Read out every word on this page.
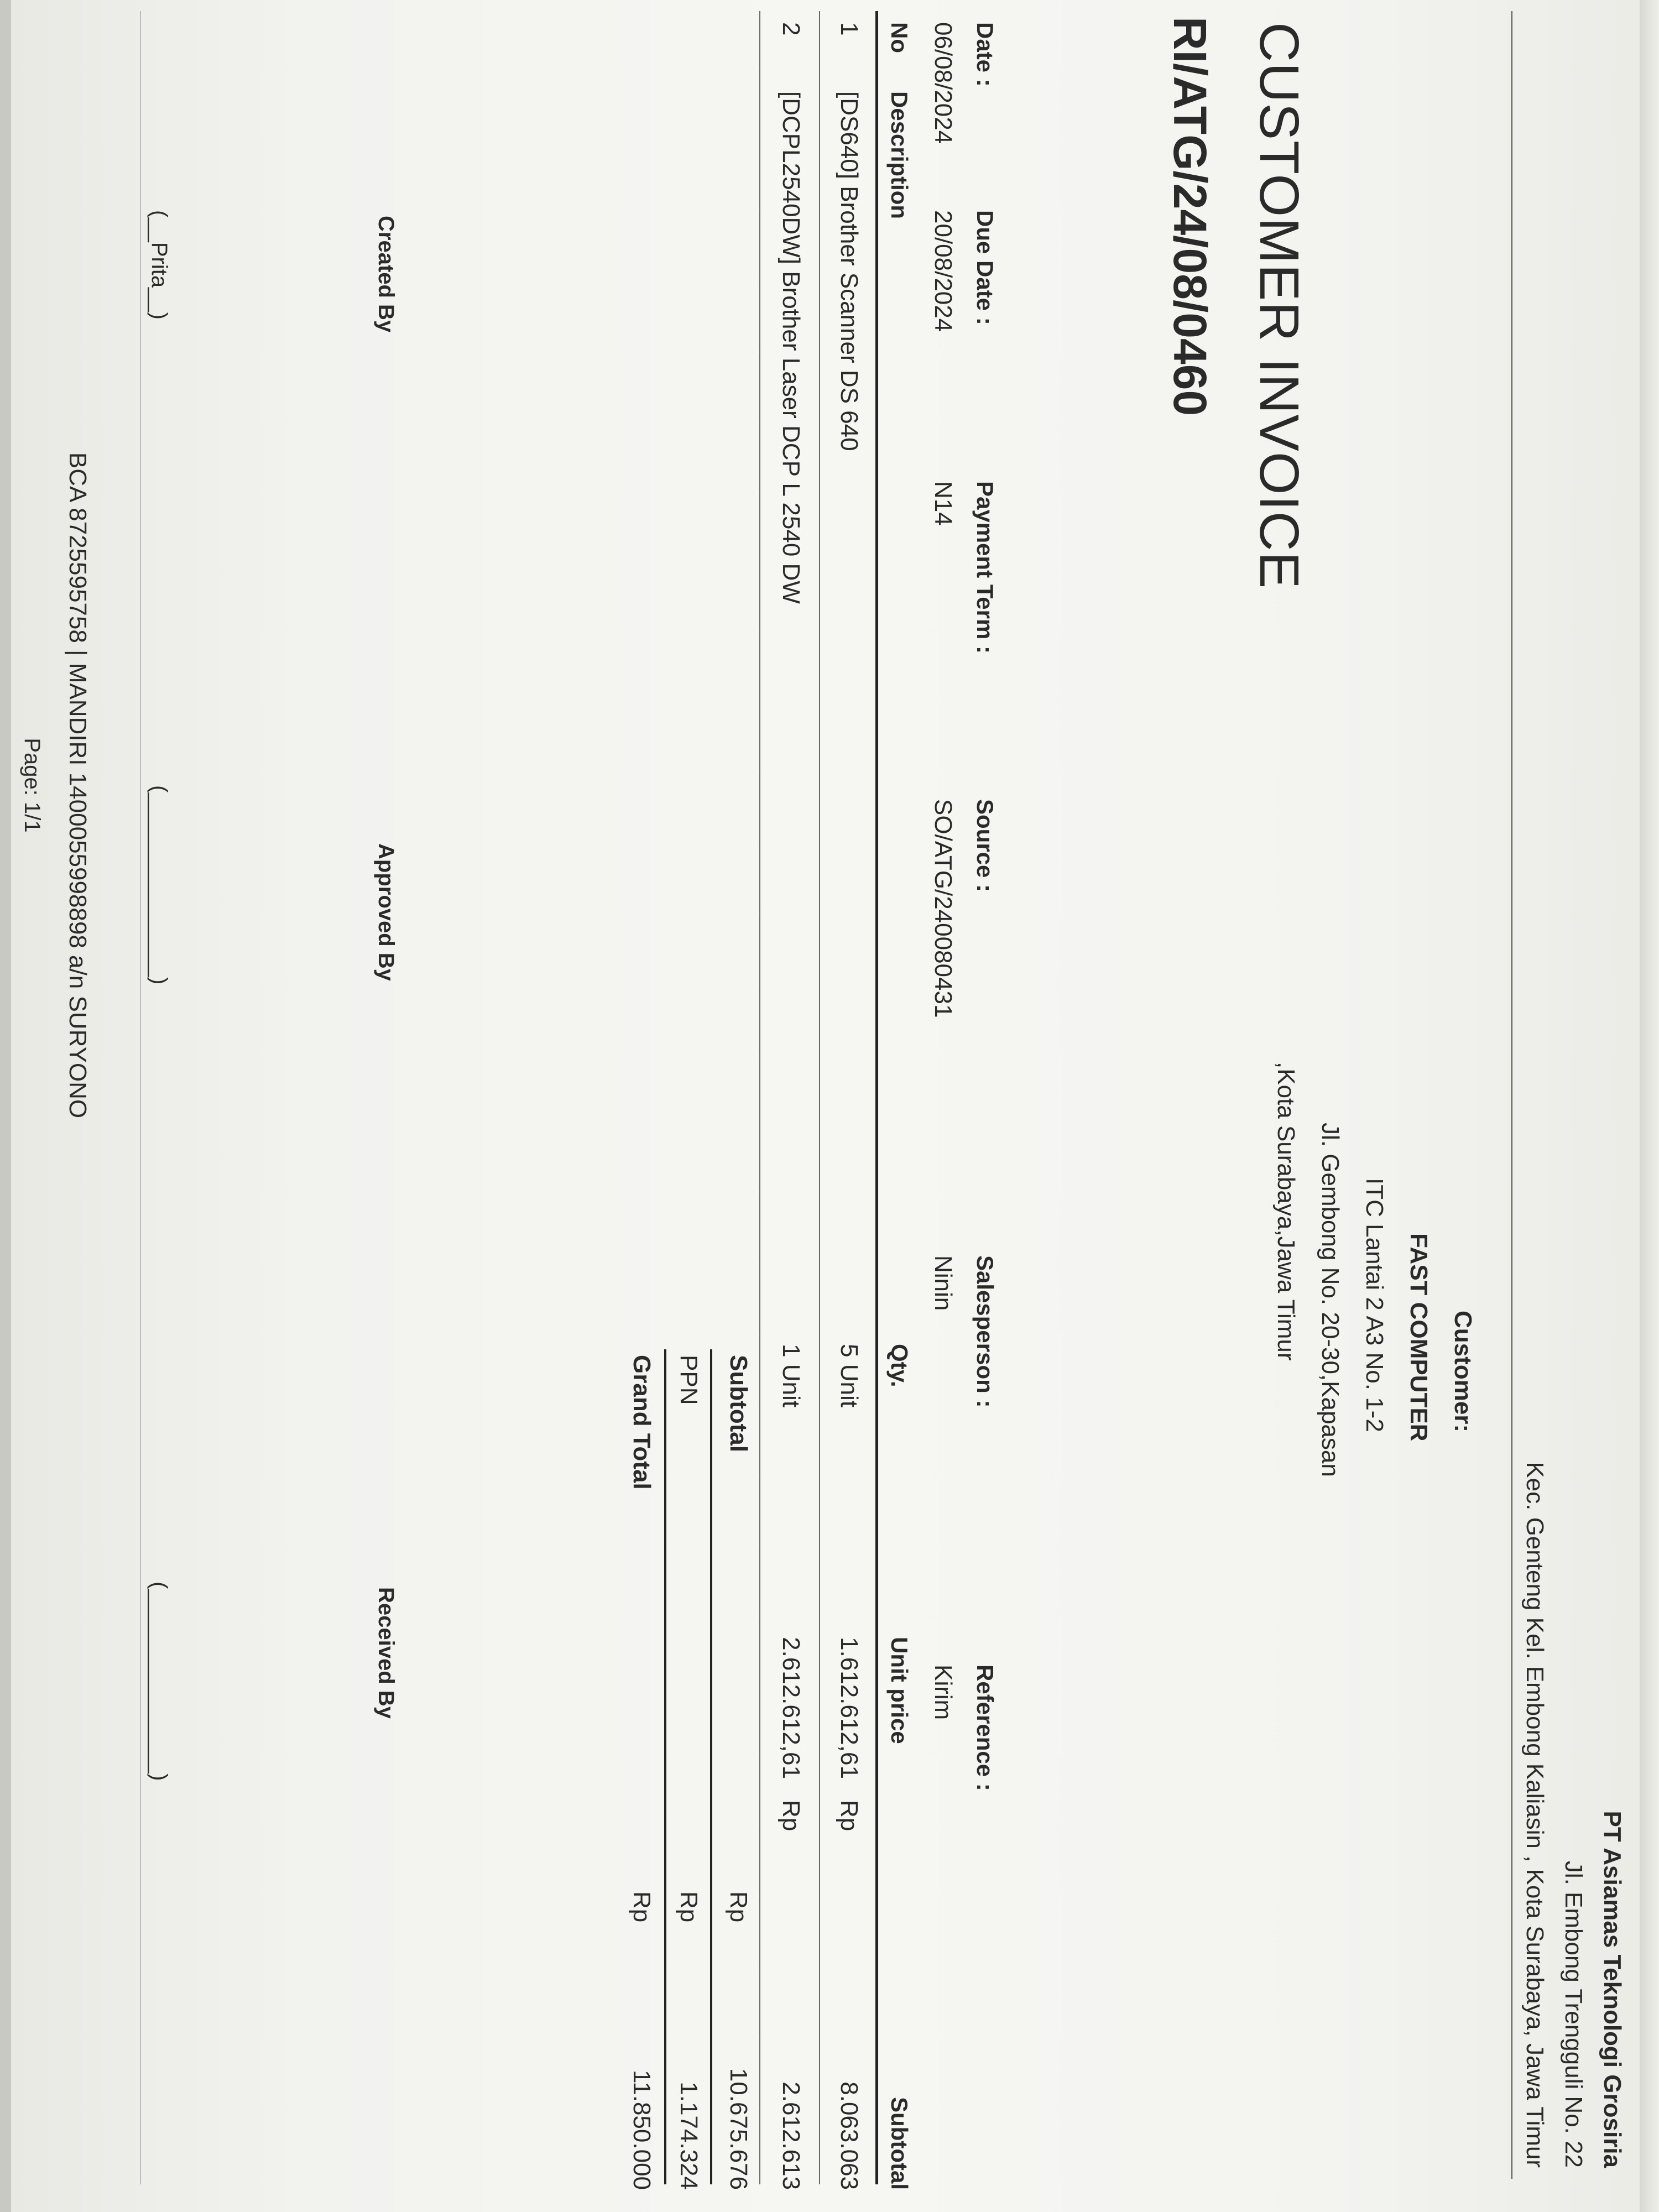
PT Asiamas Teknologi Grosiria
Jl. Embong Trengguli No. 22
Kec. Genteng Kel. Embong Kaliasin , Kota Surabaya, Jawa Timur
Customer:
FAST COMPUTER
ITC Lantai 2 A3 No. 1-2
Jl. Gembong No. 20-30,Kapasan
,Kota Surabaya,Jawa Timur
CUSTOMER INVOICE
RI/ATG/24/08/0460
Date :
Due Date :
Payment Term :
Source :
Salesperson :
Reference :
06/08/2024
20/08/2024
N14
SO/ATG/240080431
Ninin
Kirim
No
Description
Qty.
Unit price
Subtotal
1
[DS640] Brother Scanner DS 640
5 Unit
1.612.612,61
Rp
8.063.063
2
[DCPL2540DW] Brother Laser DCP L 2540 DW
1 Unit
2.612.612,61
Rp
2.612.613
Subtotal
Rp
10.675.676
PPN
Rp
1.174.324
Grand Total
Rp
11.850.000
Created By
Approved By
Received By
(__Prita__)
(_______________)
(_______________)
BCA 8725595758 | MANDIRI 1400055998898 a/n SURYONO
Page: 1/1
